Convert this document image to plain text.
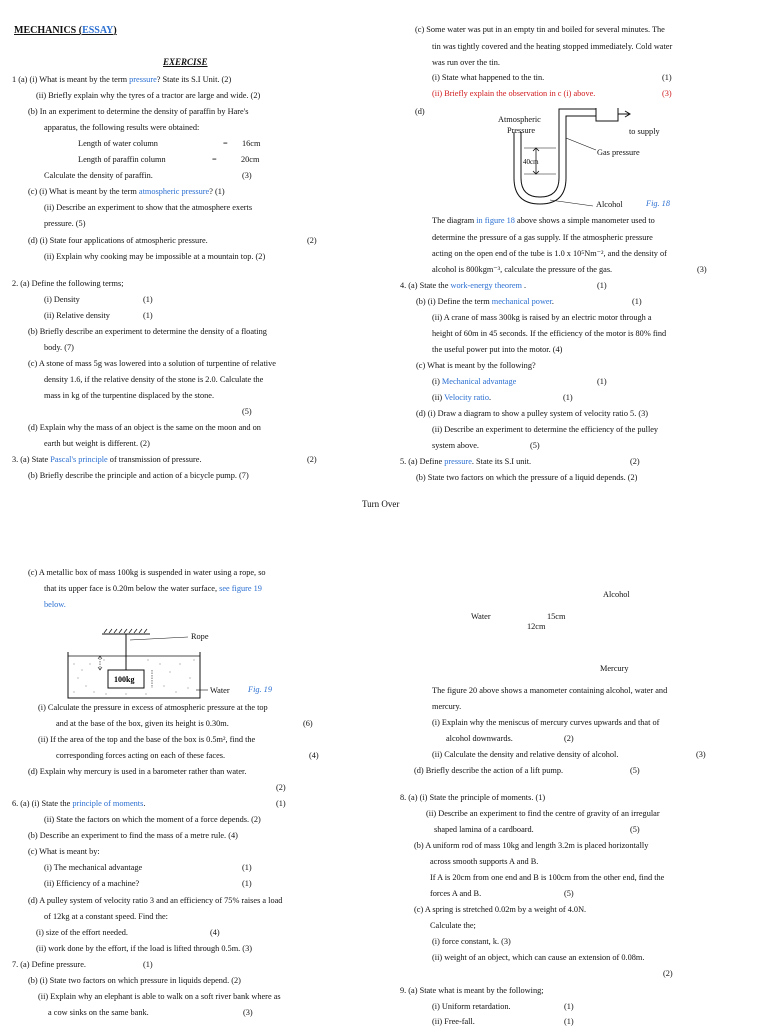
MECHANICS (ESSAY)
EXERCISE
1 (a) (i) What is meant by the term pressure? State its S.I Unit. (2)
(ii) Briefly explain why the tyres of a tractor are large and wide. (2)
(b) In an experiment to determine the density of paraffin by Hare's
apparatus, the following results were obtained:
Length of water column	= 16cm
Length of paraffin column	=	20cm
Calculate the density of paraffin.	(3)
(c) (i) What is meant by the term atmospheric pressure? (1)
(ii) Describe an experiment to show that the atmosphere exerts
pressure. (5)
(d) (i) State four applications of atmospheric pressure.	(2)
(ii) Explain why cooking may be impossible at a mountain top. (2)
2. (a) Define the following terms;
(i) Density	(1)
(ii) Relative density	(1)
(b) Briefly describe an experiment to determine the density of a floating
body. (7)
(c) A stone of mass 5g was lowered into a solution of turpentine of relative
density 1.6, if the relative density of the stone is 2.0. Calculate the
mass in kg of the turpentine displaced by the stone.
(5)
(d) Explain why the mass of an object is the same on the moon and on
earth but weight is different. (2)
3. (a) State Pascal's principle of transmission of pressure.	(2)
(b) Briefly describe the principle and action of a bicycle pump. (7)
(c) Some water was put in an empty tin and boiled for several minutes. The
tin was tightly covered and the heating stopped immediately. Cold water
was run over the tin.
(i) State what happened to the tin.	(1)
(ii) Briefly explain the observation in c (i) above.	(3)
(d)
40cm
Atmospheric
Pressure	to supply
Gas pressure
Alcohol	Fig. 18
The diagram in figure 18 above shows a simple manometer used to
determine the pressure of a gas supply. If the atmospheric pressure
acting on the open end of the tube is 1.0 x 10⁵Nm⁻², and the density of
alcohol is 800kgm⁻³, calculate the pressure of the gas.	(3)
4. (a) State the work-energy theorem .	(1)
(b) (i) Define the term mechanical power.	(1)
(ii) A crane of mass 300kg is raised by an electric motor through a
height of 60m in 45 seconds. If the efficiency of the motor is 80% find
the useful power put into the motor. (4)
(c) What is meant by the following?
(i) Mechanical advantage	(1)
(ii) Velocity ratio.	(1)
(d) (i) Draw a diagram to show a pulley system of velocity ratio 5. (3)
(ii) Describe an experiment to determine the efficiency of the pulley
system above.	(5)
5. (a) Define pressure. State its S.I unit.	(2)
(b) State two factors on which the pressure of a liquid depends. (2)
Turn Over
(c) A metallic box of mass 100kg is suspended in water using a rope, so
that its upper face is 0.20m below the water surface, see figure 19
below.
100kg
Rope
Water Fig. 19
(i) Calculate the pressure in excess of atmospheric pressure at the top
and at the base of the box, given its height is 0.30m.	(6)
(ii) If the area of the top and the base of the box is 0.5m², find the
corresponding forces acting on each of these faces.	(4)
(d) Explain why mercury is used in a barometer rather than water.
(2)
6. (a) (i) State the principle of moments.	(1)
(ii) State the factors on which the moment of a force depends. (2)
(b) Describe an experiment to find the mass of a metre rule. (4)
(c) What is meant by:
(i) The mechanical advantage	(1)
(ii) Efficiency of a machine?	(1)
(d) A pulley system of velocity ratio 3 and an efficiency of 75% raises a load
of 12kg at a constant speed. Find the:
(i) size of the effort needed.	(4)
(ii) work done by the effort, if the load is lifted through 0.5m. (3)
7. (a) Define pressure.	(1)
(b) (i) State two factors on which pressure in liquids depend. (2)
(ii) Explain why an elephant is able to walk on a soft river bank where as
a cow sinks on the same bank.	(3)
Alcohol
Water	15cm
12cm
Mercury
The figure 20 above shows a manometer containing alcohol, water and
mercury.
(i) Explain why the meniscus of mercury curves upwards and that of
alcohol downwards.	(2)
(ii) Calculate the density and relative density of alcohol.	(3)
(d) Briefly describe the action of a lift pump.	(5)
8. (a) (i) State the principle of moments. (1)
(ii) Describe an experiment to find the centre of gravity of an irregular
shaped lamina of a cardboard.	(5)
(b) A uniform rod of mass 10kg and length 3.2m is placed horizontally
across smooth supports A and B.
If A is 20cm from one end and B is 100cm from the other end, find the
forces A and B.	(5)
(c) A spring is stretched 0.02m by a weight of 4.0N.
Calculate the;
(i) force constant, k. (3)
(ii) weight of an object, which can cause an extension of 0.08m.
(2)
9. (a) State what is meant by the following;
(i) Uniform retardation.	(1)
(ii) Free-fall.	(1)
